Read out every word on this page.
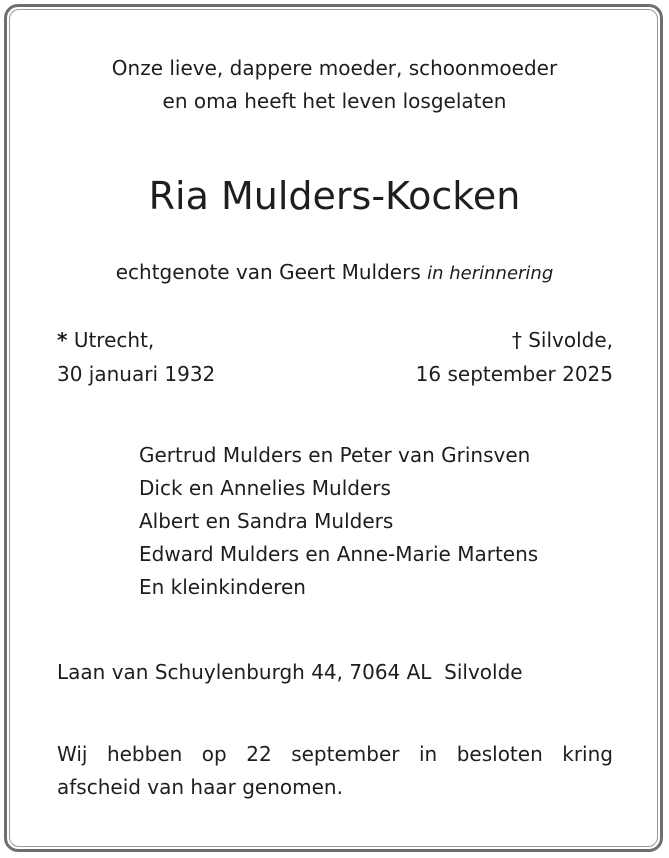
Onze lieve, dappere moeder, schoonmoeder
en oma heeft het leven losgelaten
Ria Mulders-Kocken
echtgenote van Geert Mulders in herinnering
* Utrecht,
30 januari 1932
† Silvolde,
16 september 2025
Gertrud Mulders en Peter van Grinsven
Dick en Annelies Mulders
Albert en Sandra Mulders
Edward Mulders en Anne-Marie Martens
En kleinkinderen
Laan van Schuylenburgh 44, 7064 AL  Silvolde
Wij hebben op 22 september in besloten kring
afscheid van haar genomen.
